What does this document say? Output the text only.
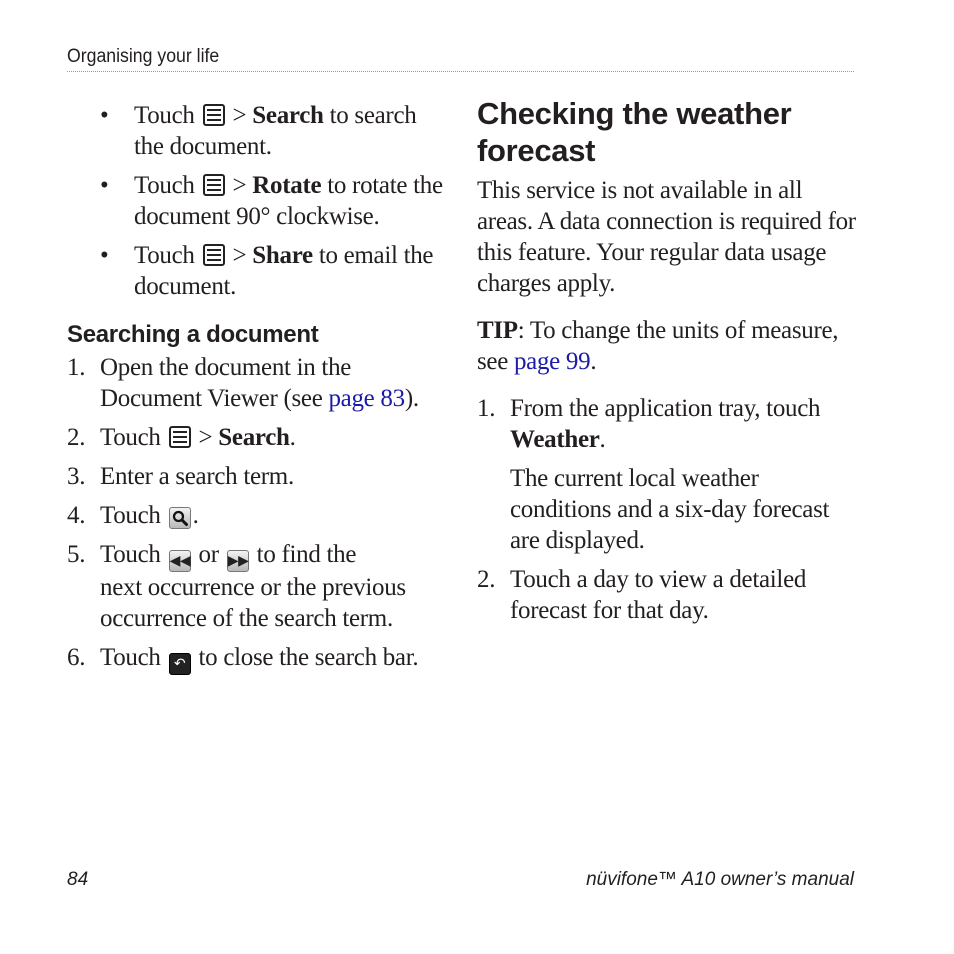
Organising your life
• Touch > Search to search
the document.
• Touch > Rotate to rotate the
document 90° clockwise.
• Touch > Share to email the
document.
Searching a document
1. Open the document in the
Document Viewer (see page 83).
2. Touch > Search.
3. Enter a search term.
4. Touch .
5. Touch ◀◀ or ▶▶ to find the
next occurrence or the previous
occurrence of the search term.
6. Touch ↶ to close the search bar.
Checking the weather
forecast

This service is not available in all
areas. A data connection is required for
this feature. Your regular data usage
charges apply.

TIP: To change the units of measure,
see page 99.

1. From the application tray, touch
Weather.
The current local weather
conditions and a six-day forecast
are displayed.
2. Touch a day to view a detailed
forecast for that day.
84	nüvifone™ A10 owner’s manual
